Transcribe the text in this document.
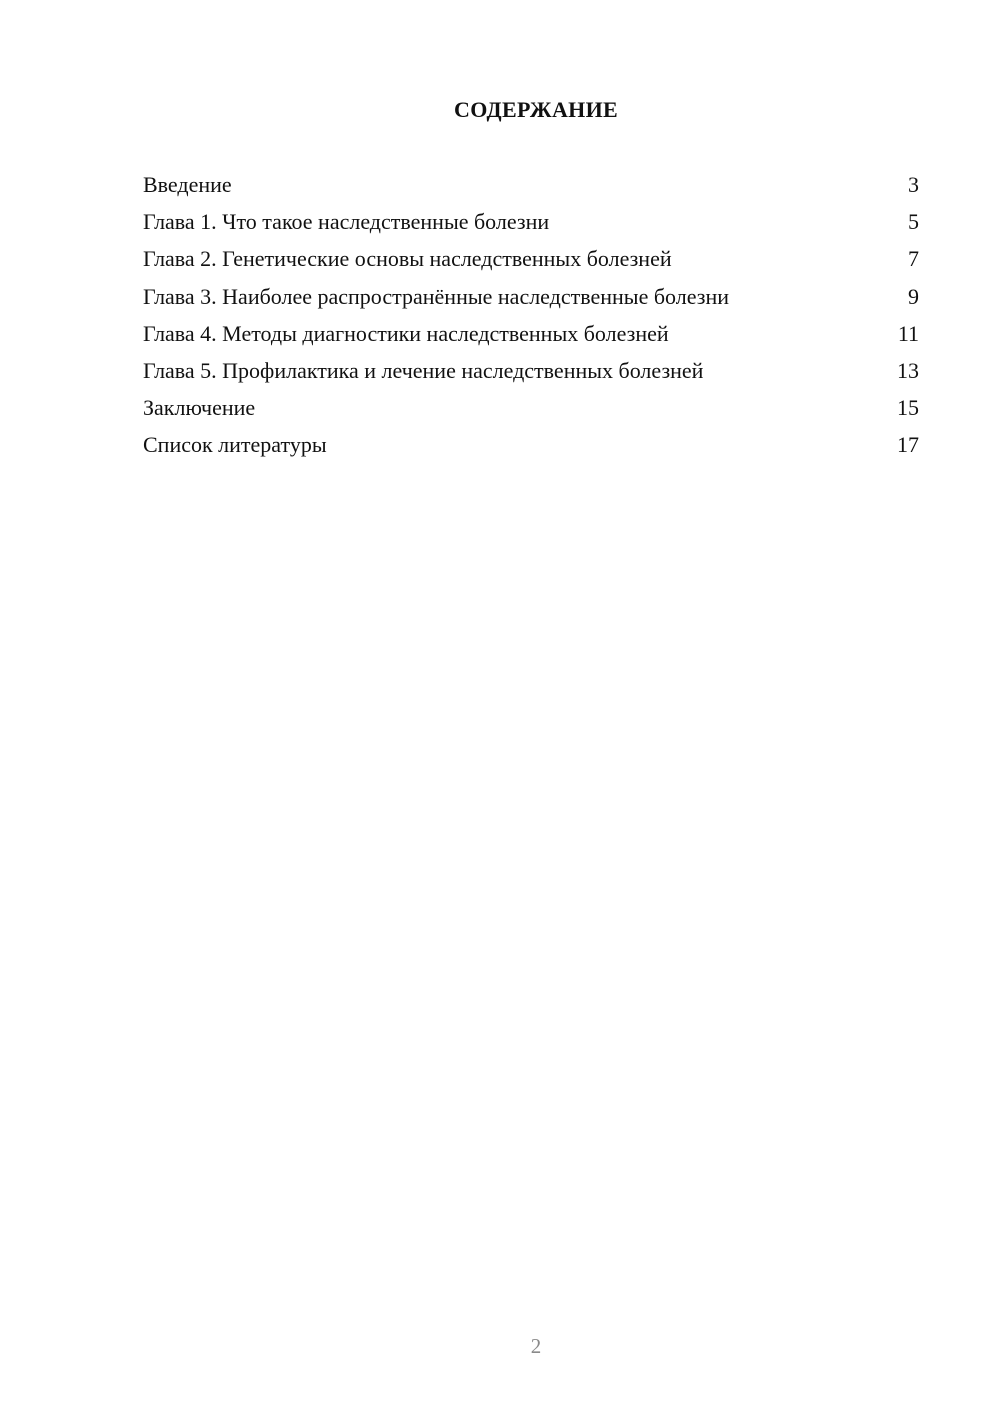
СОДЕРЖАНИЕ
Введение	3
Глава 1. Что такое наследственные болезни	5
Глава 2. Генетические основы наследственных болезней	7
Глава 3. Наиболее распространённые наследственные болезни	9
Глава 4. Методы диагностики наследственных болезней	11
Глава 5. Профилактика и лечение наследственных болезней	13
Заключение	15
Список литературы	17
2
